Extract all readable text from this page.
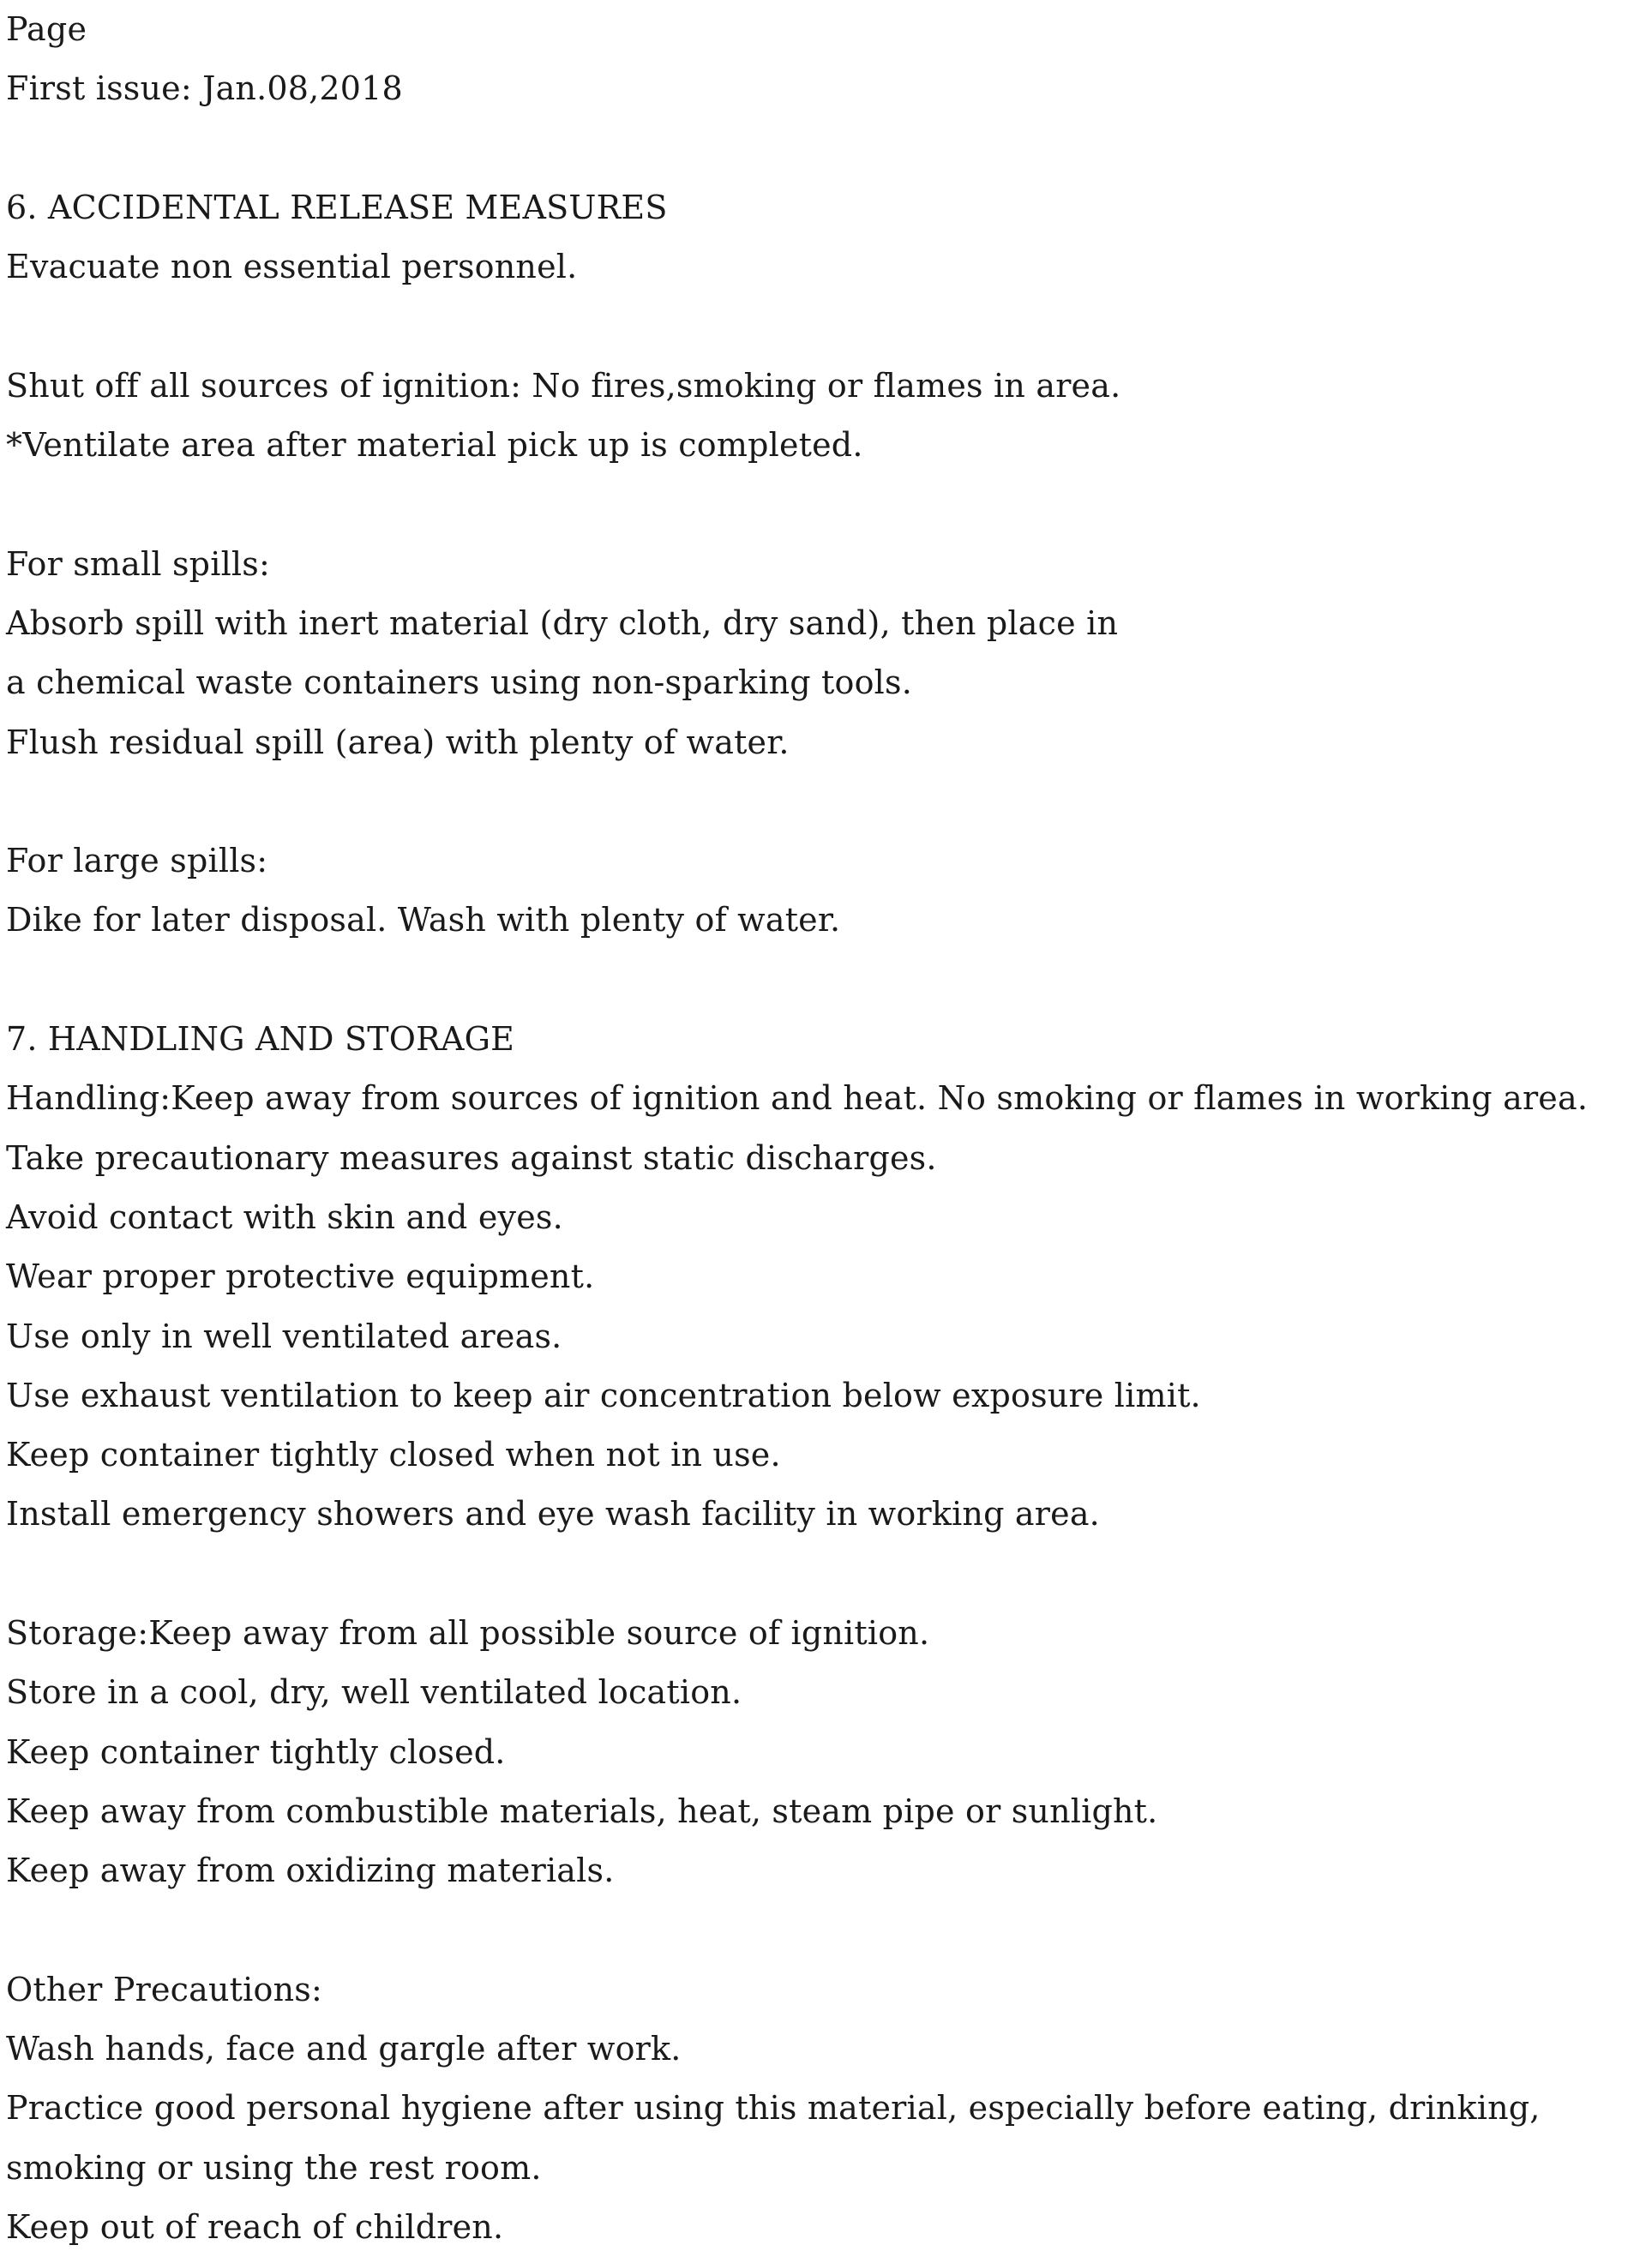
Page
First issue: Jan.08,2018
6. ACCIDENTAL RELEASE MEASURES
Evacuate non essential personnel.
Shut off all sources of ignition: No fires,smoking or flames in area.
*Ventilate area after material pick up is completed.
For small spills:
Absorb spill with inert material (dry cloth, dry sand), then place in
a chemical waste containers using non-sparking tools.
Flush residual spill (area) with plenty of water.
For large spills:
Dike for later disposal. Wash with plenty of water.
7. HANDLING AND STORAGE
Handling:Keep away from sources of ignition and heat. No smoking or flames in working area.
Take precautionary measures against static discharges.
Avoid contact with skin and eyes.
Wear proper protective equipment.
Use only in well ventilated areas.
Use exhaust ventilation to keep air concentration below exposure limit.
Keep container tightly closed when not in use.
Install emergency showers and eye wash facility in working area.
Storage:Keep away from all possible source of ignition.
Store in a cool, dry, well ventilated location.
Keep container tightly closed.
Keep away from combustible materials, heat, steam pipe or sunlight.
Keep away from oxidizing materials.
Other Precautions:
Wash hands, face and gargle after work.
Practice good personal hygiene after using this material, especially before eating, drinking,
smoking or using the rest room.
Keep out of reach of children.
